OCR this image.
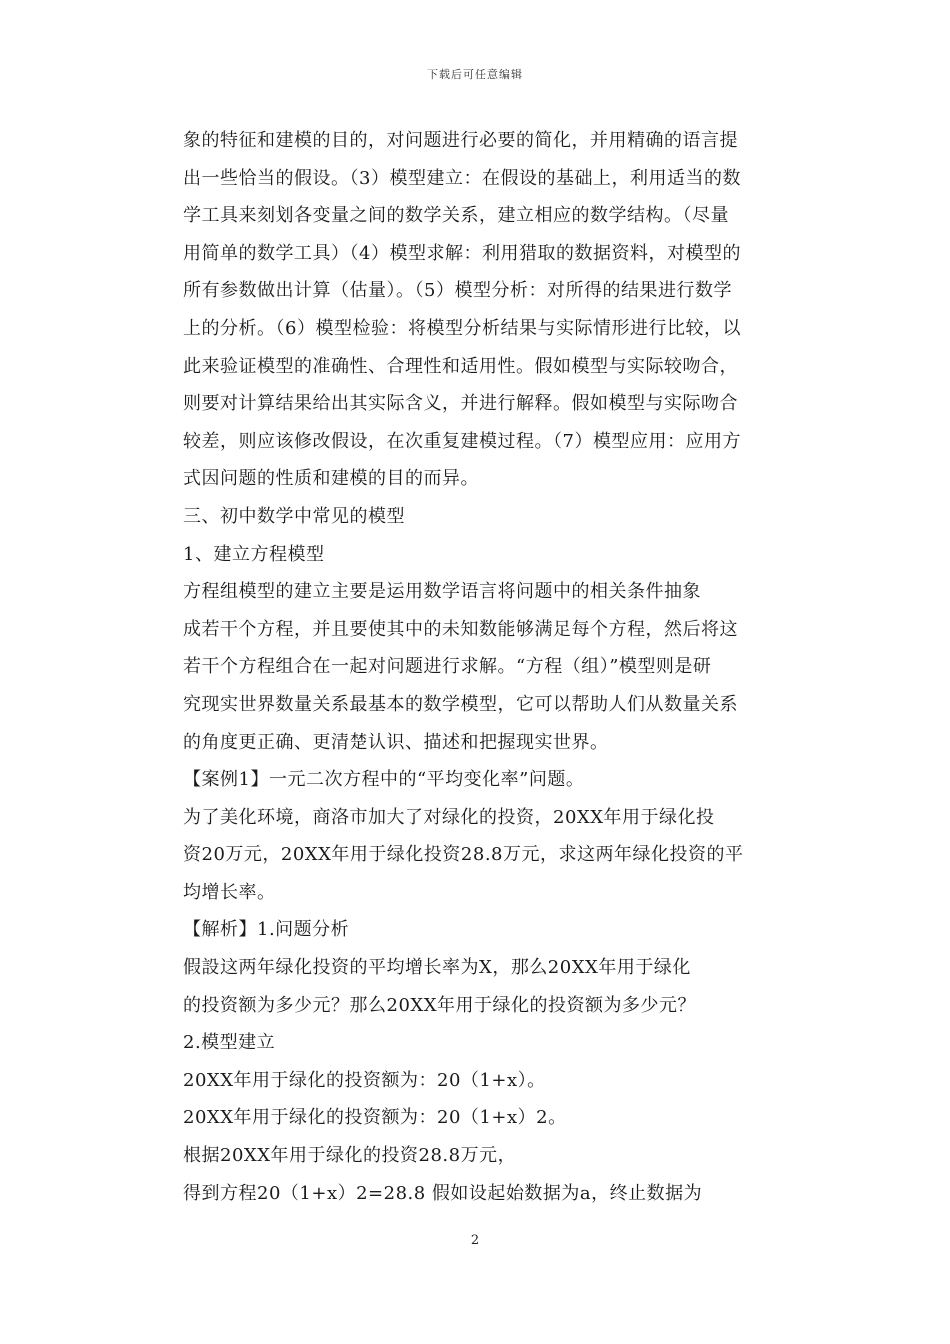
下载后可任意编辑
象的特征和建模的目的，对问题进行必要的简化，并用精确的语言提
出一些恰当的假设。（3）模型建立：在假设的基础上，利用适当的数
学工具来刻划各变量之间的数学关系，建立相应的数学结构。（尽量
用简单的数学工具）（4）模型求解：利用猎取的数据资料，对模型的
所有参数做出计算（估量）。（5）模型分析：对所得的结果进行数学
上的分析。（6）模型检验：将模型分析结果与实际情形进行比较，以
此来验证模型的准确性、合理性和适用性。假如模型与实际较吻合，
则要对计算结果给出其实际含义，并进行解释。假如模型与实际吻合
较差，则应该修改假设，在次重复建模过程。（7）模型应用：应用方
式因问题的性质和建模的目的而异。
三、初中数学中常见的模型
1、建立方程模型
方程组模型的建立主要是运用数学语言将问题中的相关条件抽象
成若干个方程，并且要使其中的未知数能够满足每个方程，然后将这
若干个方程组合在一起对问题进行求解。“方程（组）”模型则是研
究现实世界数量关系最基本的数学模型，它可以帮助人们从数量关系
的角度更正确、更清楚认识、描述和把握现实世界。
【案例1】一元二次方程中的“平均变化率”问题。
为了美化环境，商洛市加大了对绿化的投资，20XX年用于绿化投
资20万元，20XX年用于绿化投资28.8万元，求这两年绿化投资的平
均增长率。
【解析】1.问题分析
假設这两年绿化投资的平均增长率为X，那么20XX年用于绿化
的投资额为多少元？那么20XX年用于绿化的投资额为多少元？
2.模型建立
20XX年用于绿化的投资额为：20（1+x）。
20XX年用于绿化的投资额为：20（1+x）2。
根据20XX年用于绿化的投资28.8万元，
得到方程20（1+x）2=28.8 假如设起始数据为a，终止数据为
2
